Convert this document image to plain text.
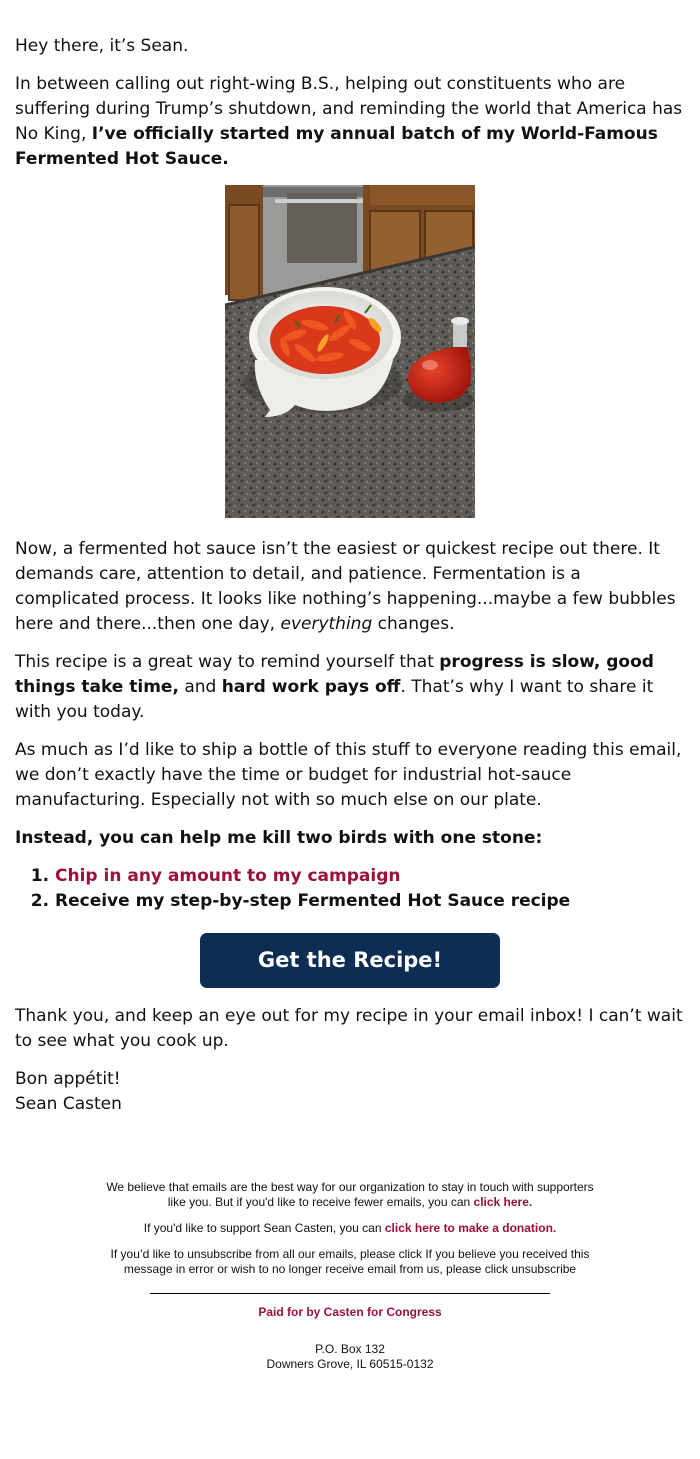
Hey there, it’s Sean.

In between calling out right-wing B.S., helping out constituents who are suffering during Trump’s shutdown, and reminding the world that America has No King, I’ve officially started my annual batch of my World-Famous Fermented Hot Sauce.

Now, a fermented hot sauce isn’t the easiest or quickest recipe out there. It demands care, attention to detail, and patience. Fermentation is a complicated process. It looks like nothing’s happening...maybe a few bubbles here and there...then one day, everything changes.

This recipe is a great way to remind yourself that progress is slow, good things take time, and hard work pays off. That’s why I want to share it with you today.

As much as I’d like to ship a bottle of this stuff to everyone reading this email, we don’t exactly have the time or budget for industrial hot-sauce manufacturing. Especially not with so much else on our plate.

Instead, you can help me kill two birds with one stone:

1. Chip in any amount to my campaign
2. Receive my step-by-step Fermented Hot Sauce recipe
Get the Recipe!

Thank you, and keep an eye out for my recipe in your email inbox! I can’t wait to see what you cook up.

Bon appétit!
Sean Casten

We believe that emails are the best way for our organization to stay in touch with supporters like you. But if you'd like to receive fewer emails, you can click here.

If you'd like to support Sean Casten, you can click here to make a donation.

If you’d like to unsubscribe from all our emails, please click If you believe you received this message in error or wish to no longer receive email from us, please click unsubscribe

Paid for by Casten for Congress

P.O. Box 132
Downers Grove, IL 60515-0132
